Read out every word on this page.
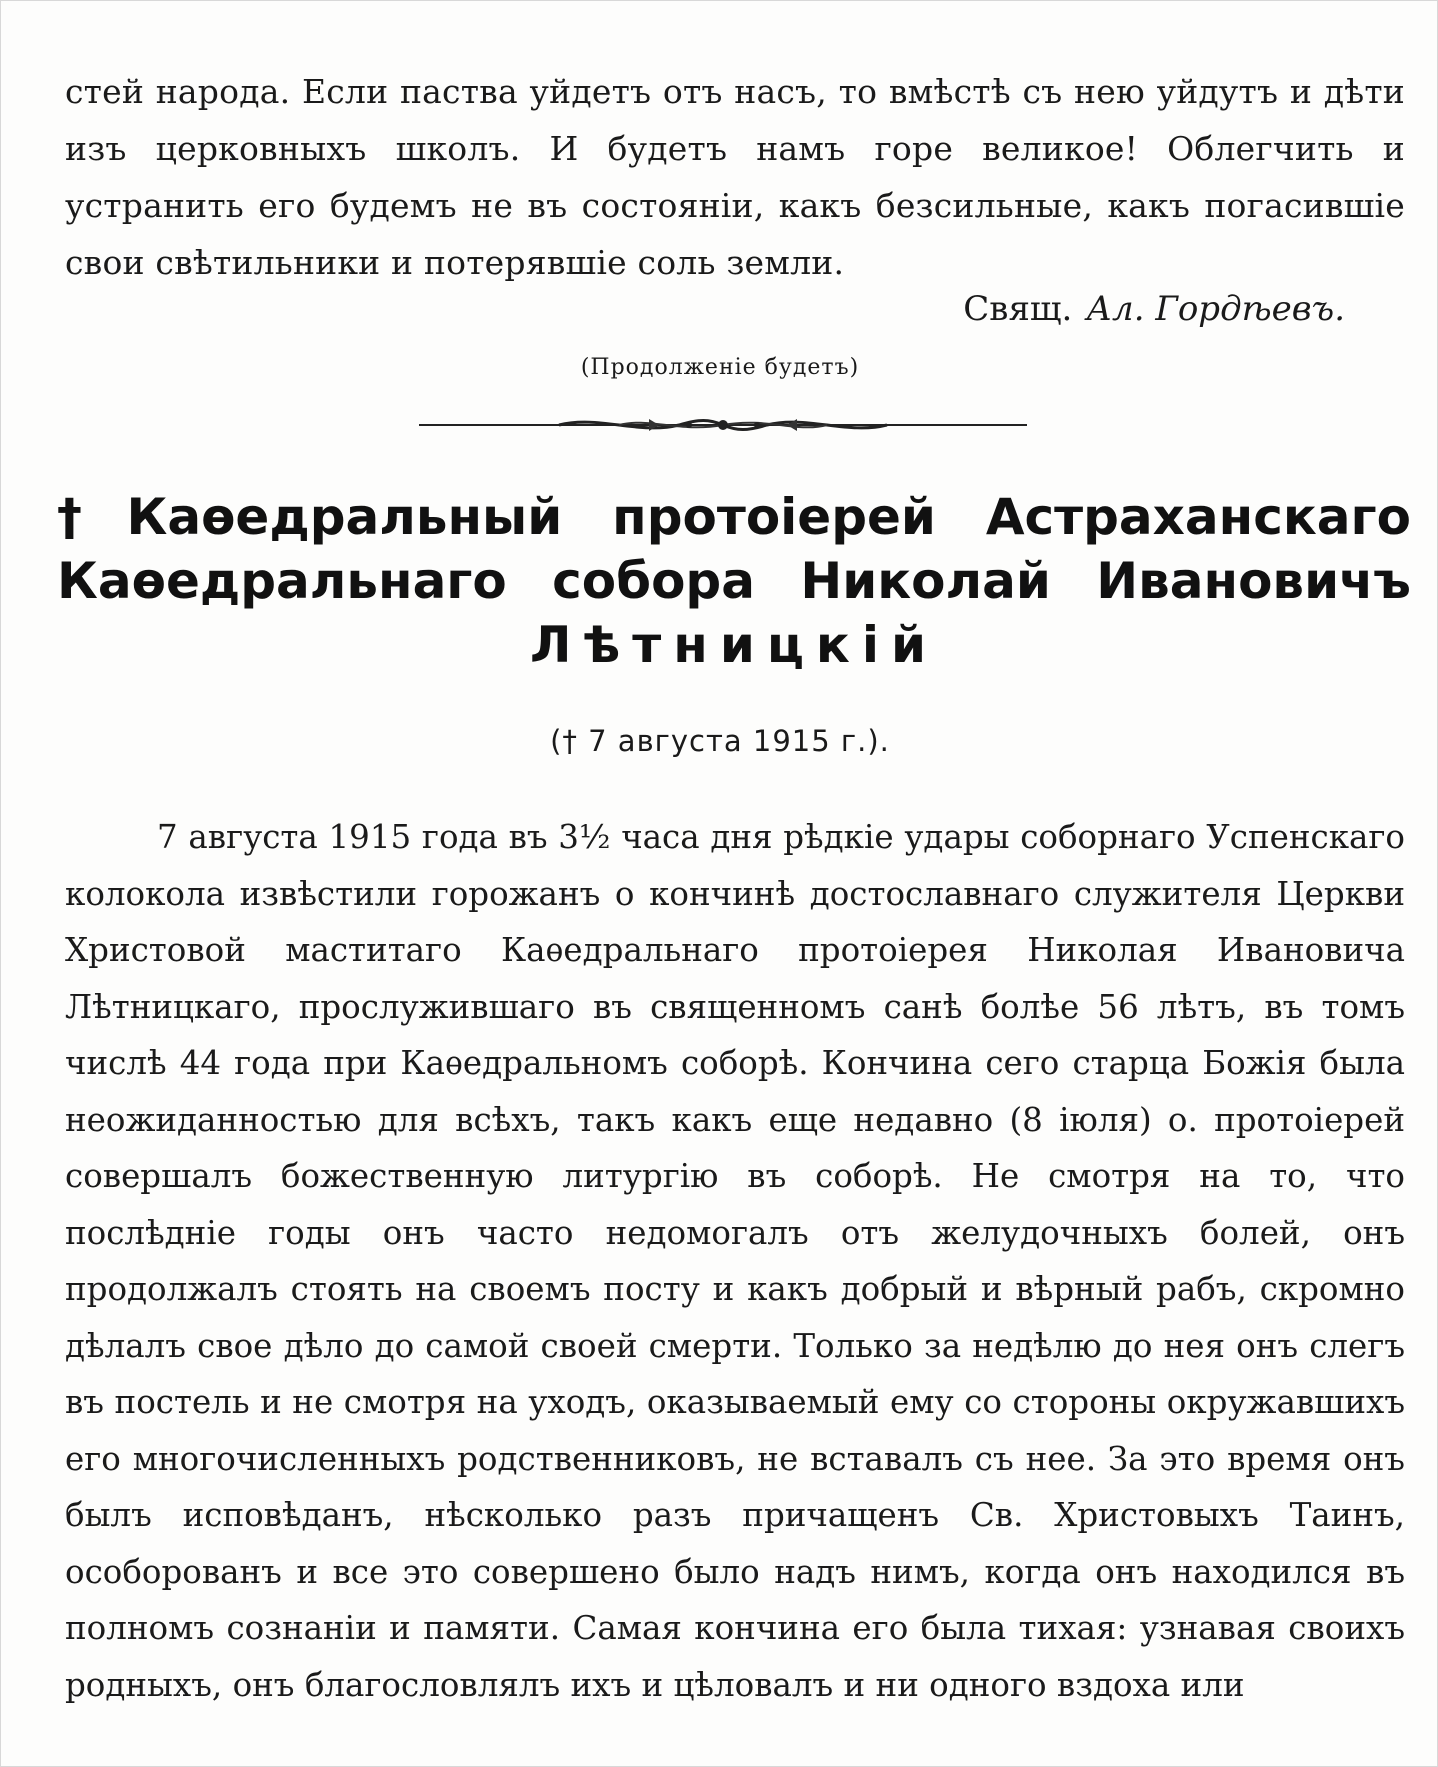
стей народа. Если паства уйдетъ отъ насъ, то вмѣстѣ съ нею уйдутъ и дѣти изъ церковныхъ школъ. И будетъ намъ горе великое! Облегчить и устранить его будемъ не въ состояніи, какъ безсильные, какъ погасившіе свои свѣтильники и потерявшіе соль земли.
Свящ. Ал. Гордѣевъ.
(Продолженіе будетъ)
† Каѳедральный протоіерей Астраханскаго
Каѳедральнаго собора Николай Ивановичъ
Лѣтницкій
(† 7 августа 1915 г.).
7 августа 1915 года въ 3½ часа дня рѣдкіе удары соборнаго Успенскаго колокола извѣстили горожанъ о кончинѣ достославнаго служителя Церкви Христовой маститаго Каѳедральнаго протоіерея Николая Ивановича Лѣтницкаго, прослужившаго въ священномъ санѣ болѣе 56 лѣтъ, въ томъ числѣ 44 года при Каѳедральномъ соборѣ. Кончина сего старца Божія была неожиданностью для всѣхъ, такъ какъ еще недавно (8 іюля) о. протоіерей совершалъ божественную литургію въ соборѣ. Не смотря на то, что послѣдніе годы онъ часто недомогалъ отъ желудочныхъ болей, онъ продолжалъ стоять на своемъ посту и какъ добрый и вѣрный рабъ, скромно дѣлалъ свое дѣло до самой своей смерти. Только за недѣлю до нея онъ слегъ въ постель и не смотря на уходъ, оказываемый ему со стороны окружавшихъ его многочисленныхъ родственниковъ, не вставалъ съ нее. За это время онъ былъ исповѣданъ, нѣсколько разъ причащенъ Св. Христовыхъ Таинъ, особорованъ и все это совершено было надъ нимъ, когда онъ находился въ полномъ сознаніи и памяти. Самая кончина его была тихая: узнавая своихъ родныхъ, онъ благословлялъ ихъ и цѣловалъ и ни одного вздоха или
